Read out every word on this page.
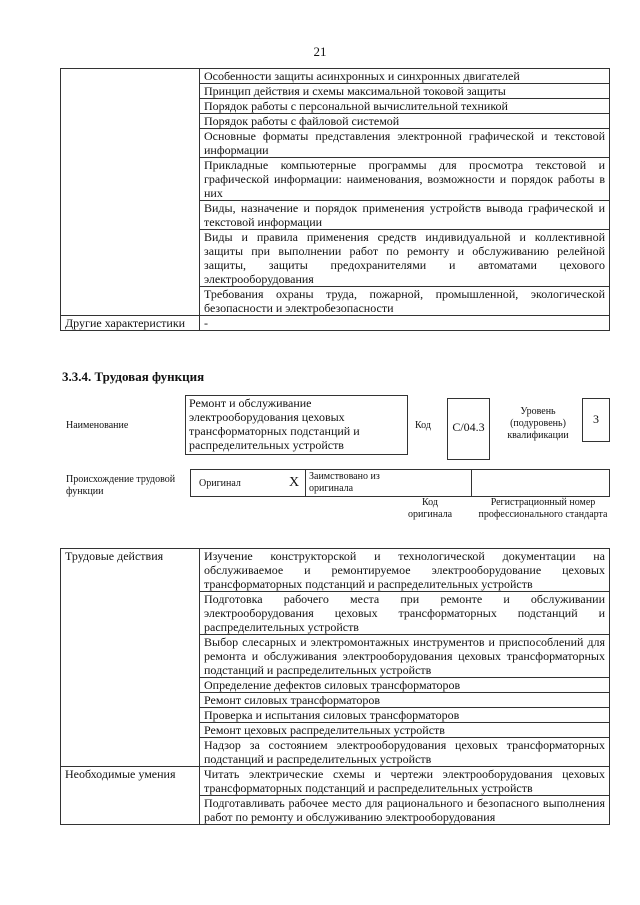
21
	Особенности защиты асинхронных и синхронных двигателей
	Принцип действия и схемы максимальной токовой защиты
	Порядок работы с персональной вычислительной техникой
	Порядок работы с файловой системой
	Основные форматы представления электронной графической и текстовой информации
	Прикладные компьютерные программы для просмотра текстовой и графической информации: наименования, возможности и порядок работы в них
	Виды, назначение и порядок применения устройств вывода графической и текстовой информации
	Виды и правила применения средств индивидуальной и коллективной защиты при выполнении работ по ремонту и обслуживанию релейной защиты, защиты предохранителями и автоматами цехового электрооборудования
	Требования охраны труда, пожарной, промышленной, экологической безопасности и электробезопасности
Другие характеристики	-
3.3.4. Трудовая функция
Наименование
Ремонт и обслуживание электрооборудования цеховых трансформаторных подстанций и распределительных устройств
Код	С/04.3
Уровень (подуровень) квалификации
3
Происхождение трудовой функции
Оригинал	X Заимствовано из оригинала
Код оригинала
Регистрационный номер профессионального стандарта
Трудовые действия	Изучение конструкторской и технологической документации на обслуживаемое и ремонтируемое электрооборудование цеховых трансформаторных подстанций и распределительных устройств
	Подготовка рабочего места при ремонте и обслуживании электрооборудования цеховых трансформаторных подстанций и распределительных устройств
	Выбор слесарных и электромонтажных инструментов и приспособлений для ремонта и обслуживания электрооборудования цеховых трансформаторных подстанций и распределительных устройств
	Определение дефектов силовых трансформаторов
	Ремонт силовых трансформаторов
	Проверка и испытания силовых трансформаторов
	Ремонт цеховых распределительных устройств
	Надзор за состоянием электрооборудования цеховых трансформаторных подстанций и распределительных устройств
Необходимые умения	Читать электрические схемы и чертежи электрооборудования цеховых трансформаторных подстанций и распределительных устройств
	Подготавливать рабочее место для рационального и безопасного выполнения работ по ремонту и обслуживанию электрооборудования
